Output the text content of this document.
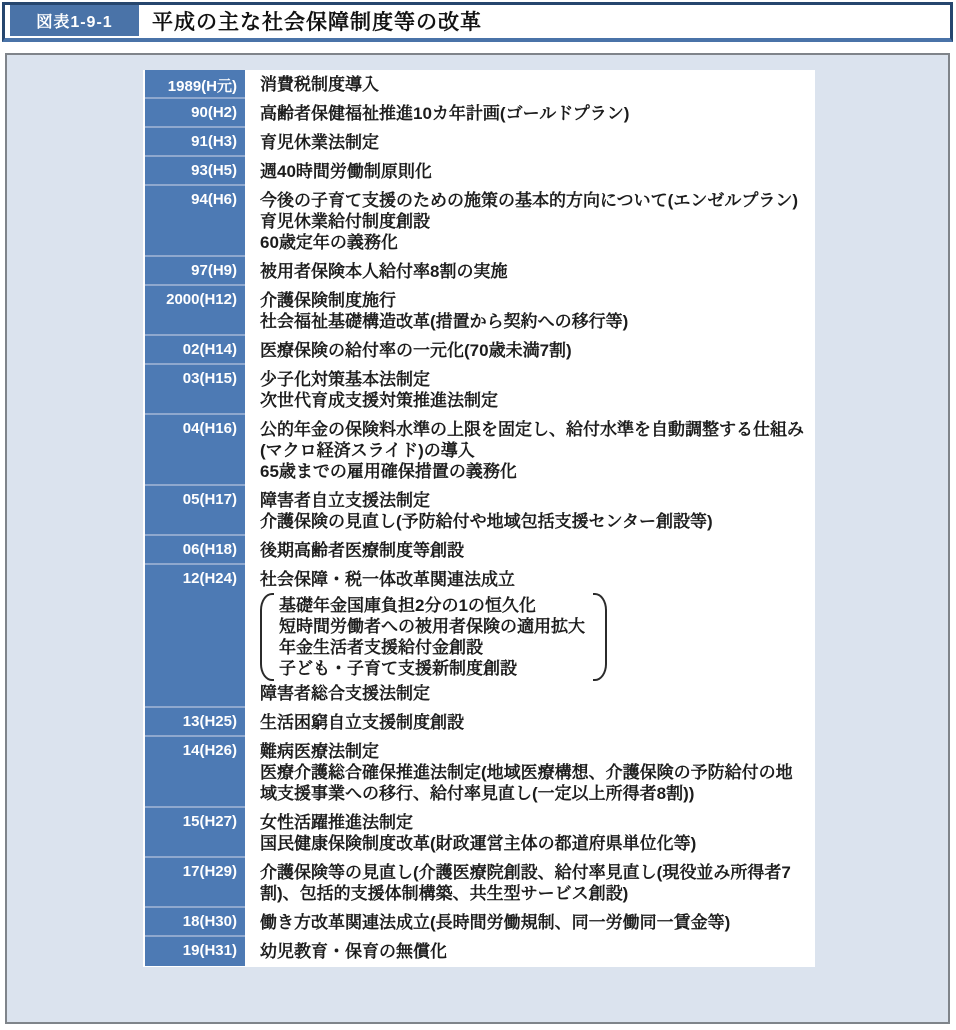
図表1-9-1	平成の主な社会保障制度等の改革
1989(H元)	消費税制度導入
90(H2)	高齢者保健福祉推進10カ年計画(ゴールドプラン)
91(H3)	育児休業法制定
93(H5)	週40時間労働制原則化
94(H6)	今後の子育て支援のための施策の基本的方向について(エンゼルプラン)
育児休業給付制度創設
60歳定年の義務化
97(H9)	被用者保険本人給付率8割の実施
2000(H12)	介護保険制度施行
社会福祉基礎構造改革(措置から契約への移行等)
02(H14)	医療保険の給付率の一元化(70歳未満7割)
03(H15)	少子化対策基本法制定
次世代育成支援対策推進法制定
04(H16)	公的年金の保険料水準の上限を固定し、給付水準を自動調整する仕組み
(マクロ経済スライド)の導入
65歳までの雇用確保措置の義務化
05(H17)	障害者自立支援法制定
介護保険の見直し(予防給付や地域包括支援センター創設等)
06(H18)	後期高齢者医療制度等創設
12(H24)	社会保障・税一体改革関連法成立
基礎年金国庫負担2分の1の恒久化
短時間労働者への被用者保険の適用拡大
年金生活者支援給付金創設
子ども・子育て支援新制度創設
障害者総合支援法制定
13(H25)	生活困窮自立支援制度創設
14(H26)	難病医療法制定
医療介護総合確保推進法制定(地域医療構想、介護保険の予防給付の地
域支援事業への移行、給付率見直し(一定以上所得者8割))
15(H27)	女性活躍推進法制定
国民健康保険制度改革(財政運営主体の都道府県単位化等)
17(H29)	介護保険等の見直し(介護医療院創設、給付率見直し(現役並み所得者7
割)、包括的支援体制構築、共生型サービス創設)
18(H30)	働き方改革関連法成立(長時間労働規制、同一労働同一賃金等)
19(H31)	幼児教育・保育の無償化
